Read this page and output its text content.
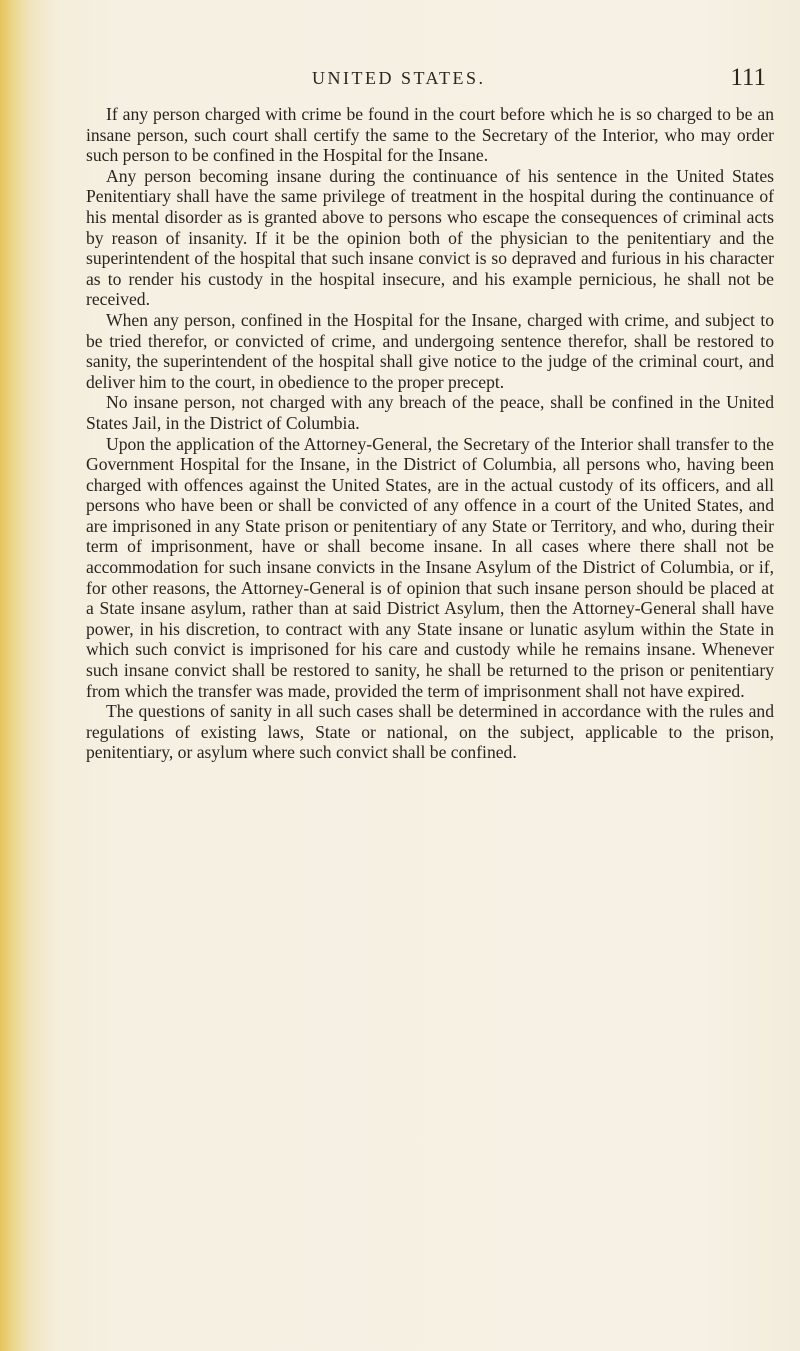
UNITED STATES.	111

If any person charged with crime be found in the court before which he is so charged to be an insane person, such court shall certify the same to the Secretary of the Interior, who may order such person to be confined in the Hospital for the Insane.

Any person becoming insane during the continuance of his sentence in the United States Penitentiary shall have the same privilege of treatment in the hospital during the continuance of his mental disorder as is granted above to persons who escape the consequences of criminal acts by reason of insanity. If it be the opinion both of the physician to the penitentiary and the superintendent of the hospital that such insane convict is so depraved and furious in his character as to render his custody in the hospital insecure, and his example pernicious, he shall not be received.

When any person, confined in the Hospital for the Insane, charged with crime, and subject to be tried therefor, or convicted of crime, and undergoing sentence therefor, shall be restored to sanity, the superintendent of the hospital shall give notice to the judge of the criminal court, and deliver him to the court, in obedience to the proper precept.

No insane person, not charged with any breach of the peace, shall be confined in the United States Jail, in the District of Columbia.

Upon the application of the Attorney-General, the Secretary of the Interior shall transfer to the Government Hospital for the Insane, in the District of Columbia, all persons who, having been charged with offences against the United States, are in the actual custody of its officers, and all persons who have been or shall be convicted of any offence in a court of the United States, and are imprisoned in any State prison or penitentiary of any State or Territory, and who, during their term of imprisonment, have or shall become insane. In all cases where there shall not be accommodation for such insane convicts in the Insane Asylum of the District of Columbia, or if, for other reasons, the Attorney-General is of opinion that such insane person should be placed at a State insane asylum, rather than at said District Asylum, then the Attorney-General shall have power, in his discretion, to contract with any State insane or lunatic asylum within the State in which such convict is imprisoned for his care and custody while he remains insane. Whenever such insane convict shall be restored to sanity, he shall be returned to the prison or penitentiary from which the transfer was made, provided the term of imprisonment shall not have expired.

The questions of sanity in all such cases shall be determined in accordance with the rules and regulations of existing laws, State or national, on the subject, applicable to the prison, penitentiary, or asylum where such convict shall be confined.
